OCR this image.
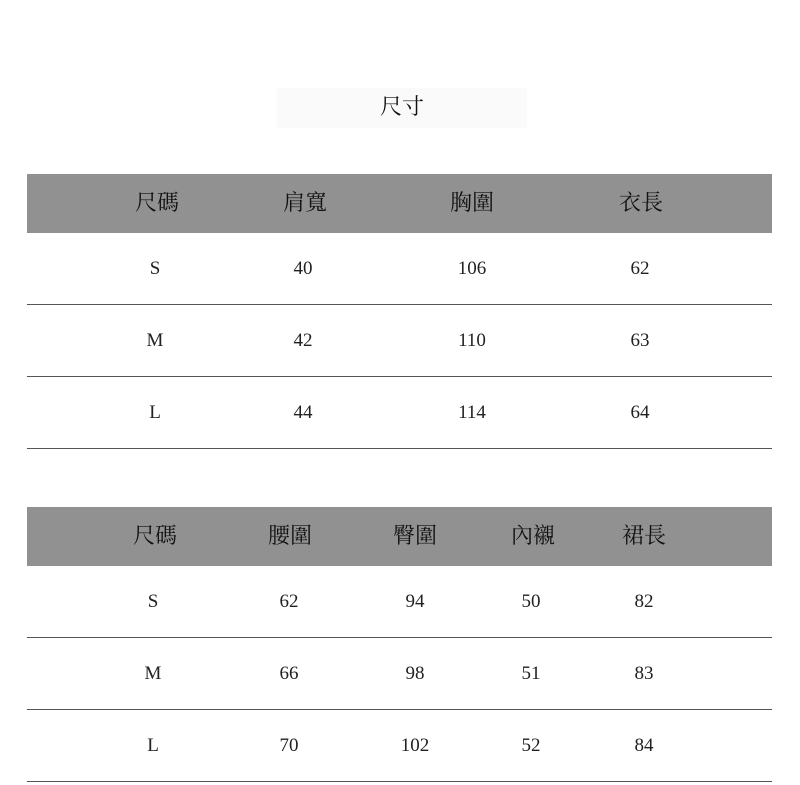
尺寸
尺碼	肩寬	胸圍	衣長
S	40	106	62
M	42	110	63
L	44	114	64
尺碼	腰圍	臀圍	內襯	裙長
S	62	94	50	82
M	66	98	51	83
L	70	102	52	84
